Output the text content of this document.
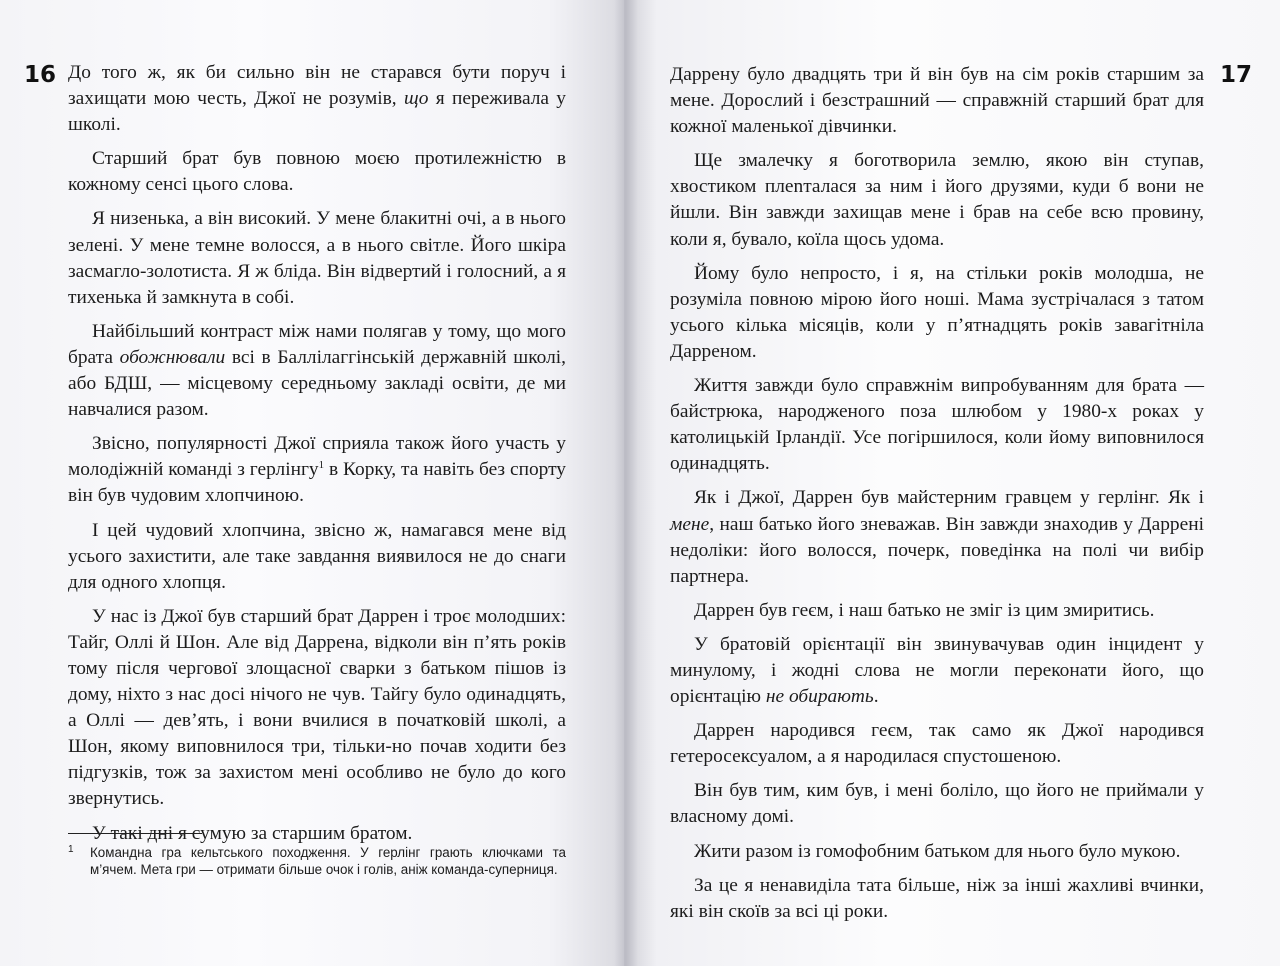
16 До того ж, як би сильно він не старався бути поруч і захищати мою честь, Джої не розумів, що я переживала у школі.

Старший брат був повною моєю протилежністю в кожному сенсі цього слова.

Я низенька, а він високий. У мене блакитні очі, а в нього зелені. У мене темне волосся, а в нього світле. Його шкіра засмагло-золотиста. Я ж бліда. Він відвертий і голосний, а я тихенька й замкнута в собі.

Найбільший контраст між нами полягав у тому, що мого брата обожнювали всі в Баллілаггінській державній школі, або БДШ, — місцевому середньому закладі освіти, де ми навчалися разом.

Звісно, популярності Джої сприяла також його участь у молодіжній команді з герлінгу$^1$ в Корку, та навіть без спорту він був чудовим хлопчиною.

І цей чудовий хлопчина, звісно ж, намагався мене від усього захистити, але таке завдання виявилося не до снаги для одного хлопця.

У нас із Джої був старший брат Даррен і троє молодших: Тайг, Оллі й Шон. Але від Даррена, відколи він п’ять років тому після чергової злощасної сварки з батьком пішов із дому, ніхто з нас досі нічого не чув. Тайгу було одинадцять, а Оллі — дев’ять, і вони вчилися в початковій школі, а Шон, якому виповнилося три, тільки-но почав ходити без підгузків, тож за захистом мені особливо не було до кого звернутись.

У такі дні я сумую за старшим братом.

1	Командна гра кельтського походження. У герлінг грають ключками та м’ячем. Мета гри — отримати більше очок і голів, аніж команда-суперниця.
17

Даррену було двадцять три й він був на сім років старшим за мене. Дорослий і безстрашний — справжній старший брат для кожної маленької дівчинки.

Ще змалечку я боготворила землю, якою він ступав, хвостиком плenталася за ним і його друзями, куди б вони не йшли. Він завжди захищав мене і брав на себе всю провину, коли я, бувало, коїла щось удома.

Йому було непросто, і я, на стільки років молодша, не розуміла повною мірою його ноші. Мама зустрічалася з татом усього кілька місяців, коли у п’ятнадцять років завагітніла Дарреном.

Життя завжди було справжнім випробуванням для брата — байстрюка, народженого поза шлюбом у 1980-х роках у католицькій Ірландії. Усе погіршилося, коли йому виповнилося одинадцять.

Як і Джої, Даррен був майстерним гравцем у герлінг. Як і мене, наш батько його зневажав. Він завжди знаходив у Даррені недоліки: його волосся, почерк, поведінка на полі чи вибір партнера.

Даррен був геєм, і наш батько не зміг із цим змиритись.

У братовій орієнтації він звинувачував один інцидент у минулому, і жодні слова не могли переконати його, що орієнтацію не обирають.

Даррен народився геєм, так само як Джої народився гетеросексуалом, а я народилася спустошеною.

Він був тим, ким був, і мені боліло, що його не приймали у власному домі.

Жити разом із гомофобним батьком для нього було мукою.

За це я ненавиділа тата більше, ніж за інші жахливі вчинки, які він скоїв за всі ці роки.
